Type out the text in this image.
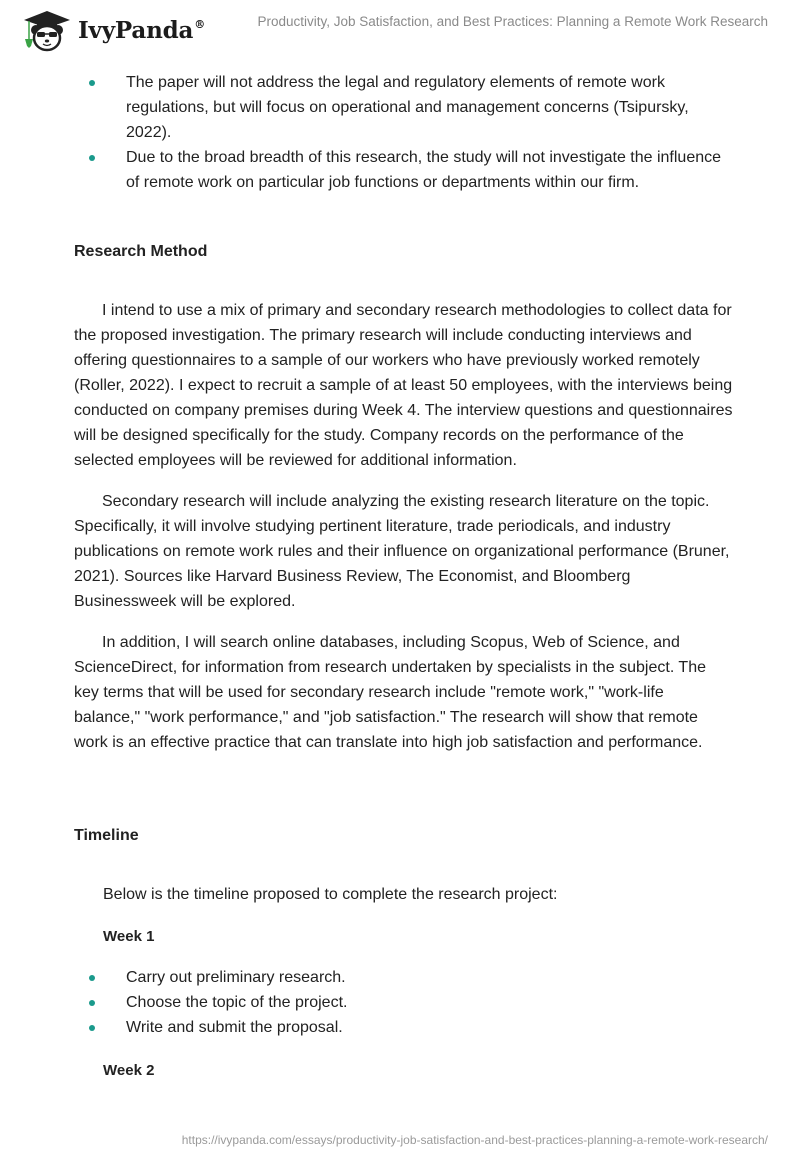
IvyPanda®	Productivity, Job Satisfaction, and Best Practices: Planning a Remote Work Research
The paper will not address the legal and regulatory elements of remote work regulations, but will focus on operational and management concerns (Tsipursky, 2022).
Due to the broad breadth of this research, the study will not investigate the influence of remote work on particular job functions or departments within our firm.
Research Method

I intend to use a mix of primary and secondary research methodologies to collect data for the proposed investigation. The primary research will include conducting interviews and offering questionnaires to a sample of our workers who have previously worked remotely (Roller, 2022). I expect to recruit a sample of at least 50 employees, with the interviews being conducted on company premises during Week 4. The interview questions and questionnaires will be designed specifically for the study. Company records on the performance of the selected employees will be reviewed for additional information.

Secondary research will include analyzing the existing research literature on the topic. Specifically, it will involve studying pertinent literature, trade periodicals, and industry publications on remote work rules and their influence on organizational performance (Bruner, 2021). Sources like Harvard Business Review, The Economist, and Bloomberg Businessweek will be explored.

In addition, I will search online databases, including Scopus, Web of Science, and ScienceDirect, for information from research undertaken by specialists in the subject. The key terms that will be used for secondary research include "remote work," "work-life balance," "work performance," and "job satisfaction." The research will show that remote work is an effective practice that can translate into high job satisfaction and performance.

Timeline

Below is the timeline proposed to complete the research project:

Week 1

Carry out preliminary research.
Choose the topic of the project.
Write and submit the proposal.

Week 2

https://ivypanda.com/essays/productivity-job-satisfaction-and-best-practices-planning-a-remote-work-research/
